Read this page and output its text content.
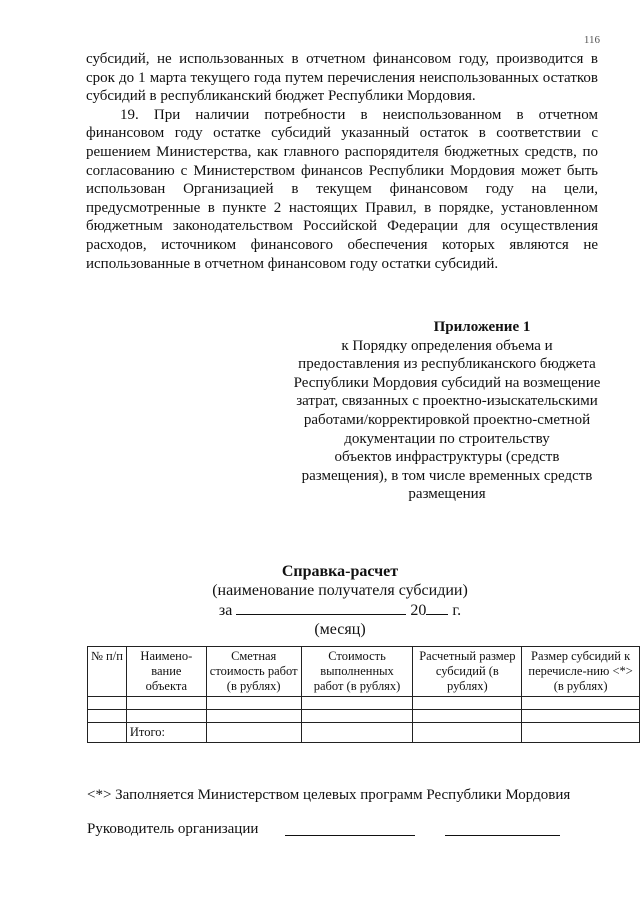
116

субсидий, не использованных в отчетном финансовом году, производится в срок до 1 марта текущего года путем перечисления неиспользованных остатков субсидий в республиканский бюджет Республики Мордовия.

19. При наличии потребности в неиспользованном в отчетном финансовом году остатке субсидий указанный остаток в соответствии с решением Министерства, как главного распорядителя бюджетных средств, по согласованию с Министерством финансов Республики Мордовия может быть использован Организацией в текущем финансовом году на цели, предусмотренные в пункте 2 настоящих Правил, в порядке, установленном бюджетным законодательством Российской Федерации для осуществления расходов, источником финансового обеспечения которых являются не использованные в отчетном финансовом году остатки субсидий.

Приложение 1
к Порядку определения объема и
предоставления из республиканского бюджета
Республики Мордовия субсидий на возмещение
затрат, связанных с проектно-изыскательскими
работами/корректировкой проектно-сметной
документации по строительству
объектов инфраструктуры (средств
размещения), в том числе временных средств
размещения
Справка-расчет
(наименование получателя субсидии)
за	20 г.
(месяц)
№ п/п	Наимено-вание объекта	Сметная стоимость работ (в рублях)	Стоимость выполненных работ (в рублях)	Расчетный размер субсидий (в рублях)	Размер субсидий к перечисле-нию <*> (в рублях)

	Итого:				
<*> Заполняется Министерством целевых программ Республики Мордовия
Руководитель организации
